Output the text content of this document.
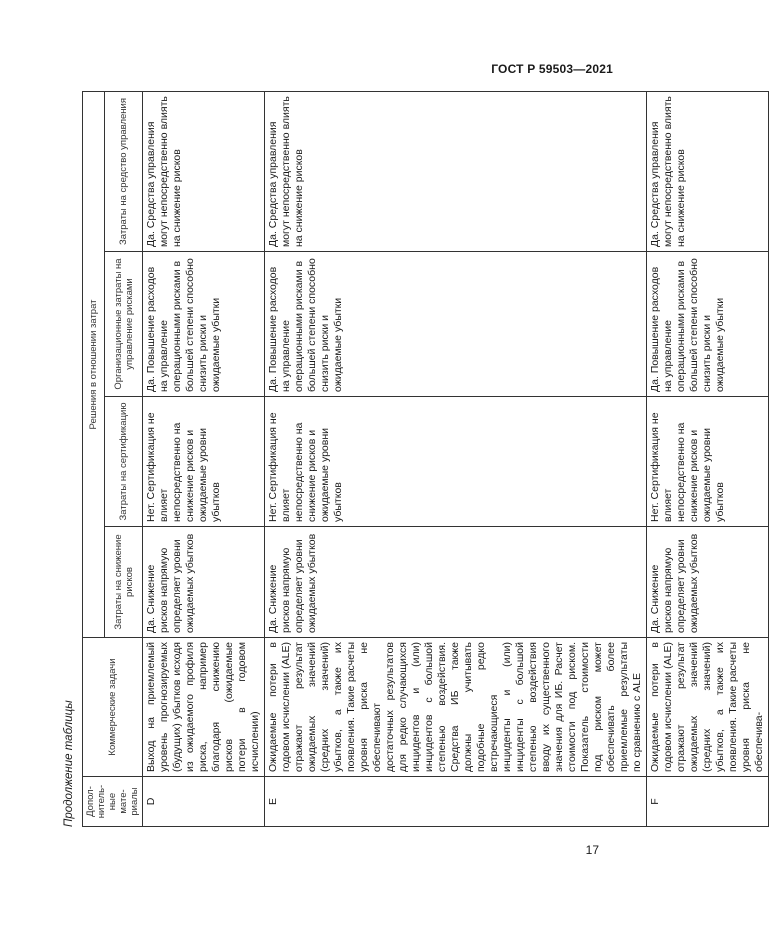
ГОСТ Р 59503—2021
Продолжение таблицы Допол-нитель-ные мате-риалы	Коммерческие задачи	Решения в отношении затрат			
		Затраты на снижение рисков	Затраты на сертификацию	Организационные затраты на управление рисками	Затраты на средство управления
D	Выход на приемлемый уровень прогнозируемых (будущих) убытков исходя из ожидаемого профиля риска, например благодаря снижению рисков (ожидаемые потери в годовом исчислении)	Да. Снижение рисков напрямую определяет уровни ожидаемых убытков	Нет. Сертификация не влияет непосредственно на снижение рисков и ожидаемые уровни убытков	Да. Повышение расходов на управление операционными рисками в большей степени способно снизить риски и ожидаемые убытки	Да. Средства управления могут непосредственно влиять на снижение рисков
E	Ожидаемые потери в годовом исчислении (ALE) отражают результат ожидаемых значений (средних значений) убытков, а также их появления. Такие расчеты уровня риска не обеспечивают достаточных результатов для редко случающихся инцидентов и (или) инцидентов с большой степенью воздействия. Средства ИБ также должны учитывать подобные редко встречающиеся инциденты и (или) инциденты с большой степенью воздействия вводу их существенного значения для ИБ. Расчет стоимости под риском. Показатель стоимости под риском может обеспечивать более приемлемые результаты по сравнению с ALE	Да. Снижение рисков напрямую определяет уровни ожидаемых убытков	Нет. Сертификация не влияет непосредственно на снижение рисков и ожидаемые уровни убытков	Да. Повышение расходов на управление операционными рисками в большей степени способно снизить риски и ожидаемые убытки	Да. Средства управления могут непосредственно влиять на снижение рисков
F	Ожидаемые потери в годовом исчислении (ALE) отражают результат ожидаемых значений (средних значений) убытков, а также их появления. Такие расчеты уровня риска не обеспечива-	Да. Снижение рисков напрямую определяет уровни ожидаемых убытков	Нет. Сертификация не влияет непосредственно на снижение рисков и ожидаемые уровни убытков	Да. Повышение расходов на управление операционными рисками в большей степени способно снизить риски и ожидаемые убытки	Да. Средства управления могут непосредственно влиять на снижение рисков
17
